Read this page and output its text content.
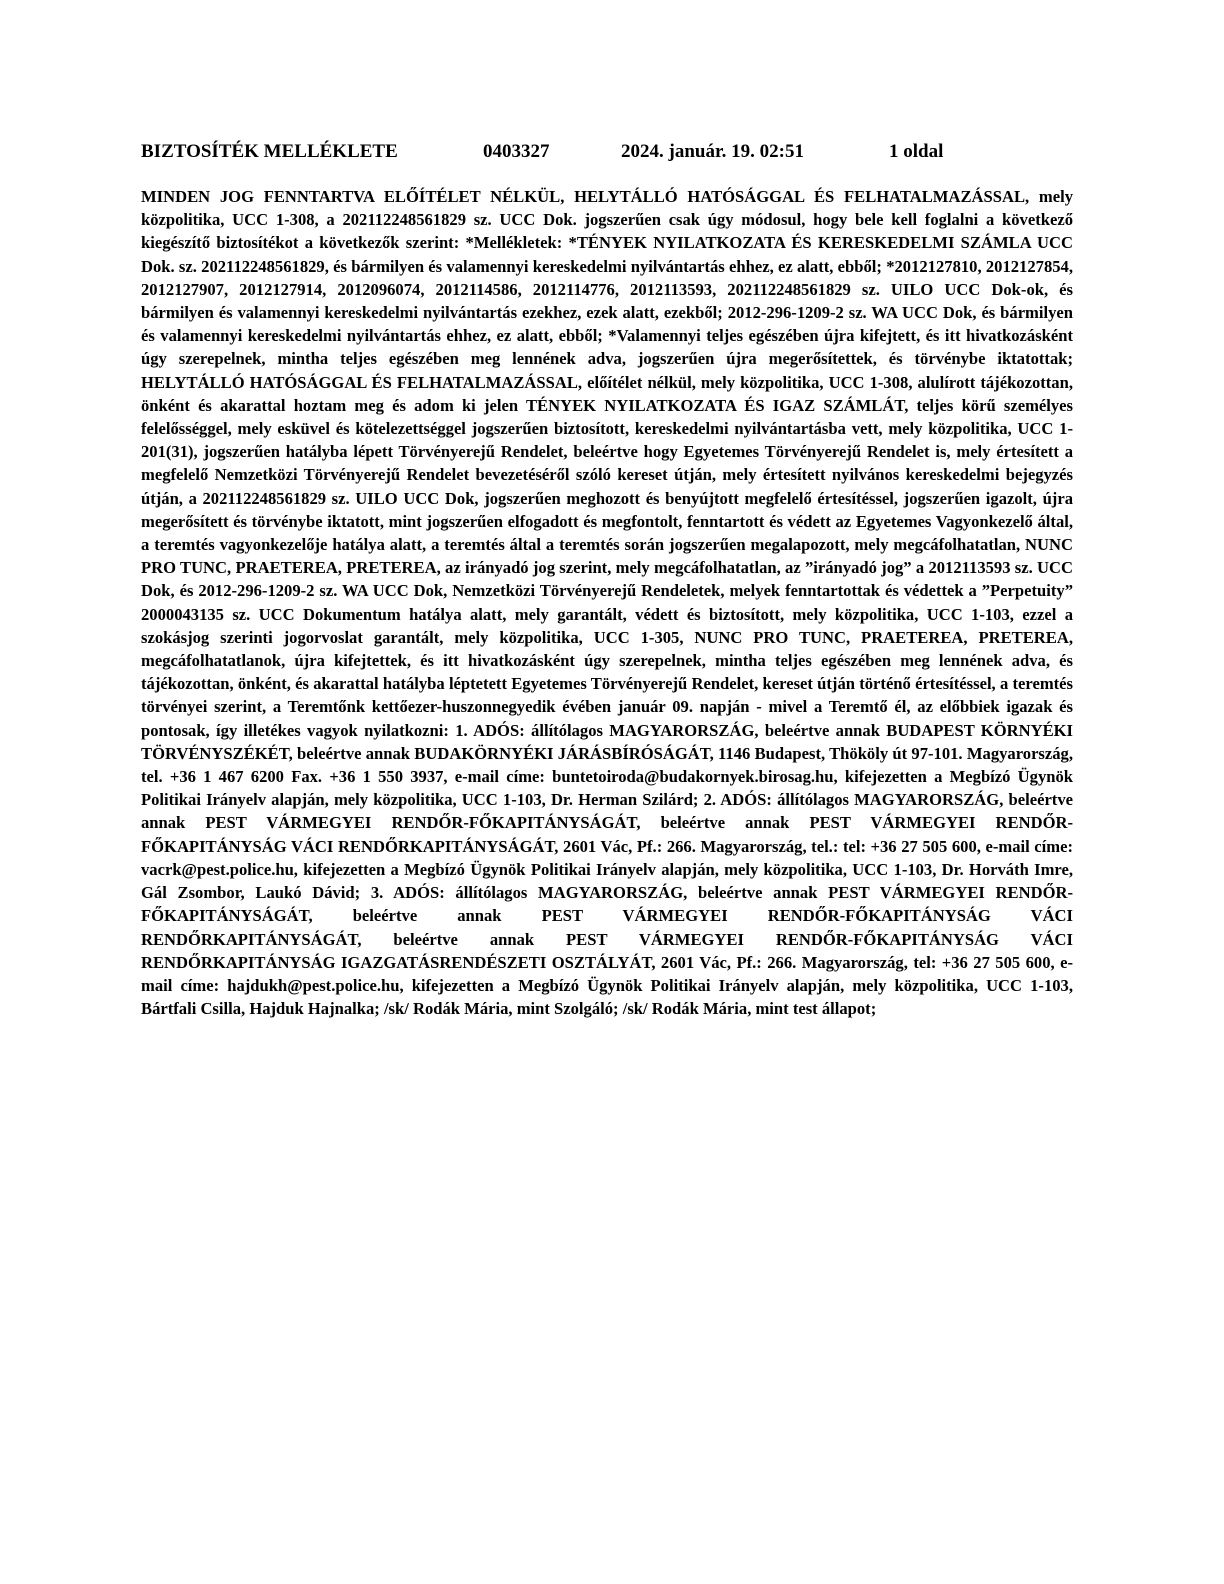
BIZTOSÍTÉK MELLÉKLETE	0403327	2024. január. 19. 02:51	1 oldal

MINDEN JOG FENNTARTVA ELŐÍTÉLET NÉLKÜL, HELYTÁLLÓ HATÓSÁGGAL ÉS FELHATALMAZÁSSAL, mely közpolitika, UCC 1-308, a 202112248561829 sz. UCC Dok. jogszerűen csak úgy módosul, hogy bele kell foglalni a következő kiegészítő biztosítékot a következők szerint: *Mellékletek: *TÉNYEK NYILATKOZATA ÉS KERESKEDELMI SZÁMLA UCC Dok. sz. 202112248561829, és bármilyen és valamennyi kereskedelmi nyilvántartás ehhez, ez alatt, ebből; *2012127810, 2012127854, 2012127907, 2012127914, 2012096074, 2012114586, 2012114776, 2012113593, 202112248561829 sz. UILO UCC Dok-ok, és bármilyen és valamennyi kereskedelmi nyilvántartás ezekhez, ezek alatt, ezekből; 2012-296-1209-2 sz. WA UCC Dok, és bármilyen és valamennyi kereskedelmi nyilvántartás ehhez, ez alatt, ebből; *Valamennyi teljes egészében újra kifejtett, és itt hivatkozásként úgy szerepelnek, mintha teljes egészében meg lennének adva, jogszerűen újra megerősítettek, és törvénybe iktatottak; HELYTÁLLÓ HATÓSÁGGAL ÉS FELHATALMAZÁSSAL, előítélet nélkül, mely közpolitika, UCC 1-308, alulírott tájékozottan, önként és akarattal hoztam meg és adom ki jelen TÉNYEK NYILATKOZATA ÉS IGAZ SZÁMLÁT, teljes körű személyes felelősséggel, mely esküvel és kötelezettséggel jogszerűen biztosított, kereskedelmi nyilvántartásba vett, mely közpolitika, UCC 1-201(31), jogszerűen hatályba lépett Törvényerejű Rendelet, beleértve hogy Egyetemes Törvényerejű Rendelet is, mely értesített a megfelelő Nemzetközi Törvényerejű Rendelet bevezetéséről szóló kereset útján, mely értesített nyilvános kereskedelmi bejegyzés útján, a 202112248561829 sz. UILO UCC Dok, jogszerűen meghozott és benyújtott megfelelő értesítéssel, jogszerűen igazolt, újra megerősített és törvénybe iktatott, mint jogszerűen elfogadott és megfontolt, fenntartott és védett az Egyetemes Vagyonkezelő által, a teremtés vagyonkezelője hatálya alatt, a teremtés által a teremtés során jogszerűen megalapozott, mely megcáfolhatatlan, NUNC PRO TUNC, PRAETEREA, PRETEREA, az irányadó jog szerint, mely megcáfolhatatlan, az ”irányadó jog” a 2012113593 sz. UCC Dok, és 2012-296-1209-2 sz. WA UCC Dok, Nemzetközi Törvényerejű Rendeletek, melyek fenntartottak és védettek a ”Perpetuity” 2000043135 sz. UCC Dokumentum hatálya alatt, mely garantált, védett és biztosított, mely közpolitika, UCC 1-103, ezzel a szokásjog szerinti jogorvoslat garantált, mely közpolitika, UCC 1-305, NUNC PRO TUNC, PRAETEREA, PRETEREA, megcáfolhatatlanok, újra kifejtettek, és itt hivatkozásként úgy szerepelnek, mintha teljes egészében meg lennének adva, és tájékozottan, önként, és akarattal hatályba léptetett Egyetemes Törvényerejű Rendelet, kereset útján történő értesítéssel, a teremtés törvényei szerint, a Teremtőnk kettőezer-huszonnegyedik évében január 09. napján - mivel a Teremtő él, az előbbiek igazak és pontosak, így illetékes vagyok nyilatkozni: 1. ADÓS: állítólagos MAGYARORSZÁG, beleértve annak BUDAPEST KÖRNYÉKI TÖRVÉNYSZÉKÉT, beleértve annak BUDAKÖRNYÉKI JÁRÁSBÍRÓSÁGÁT, 1146 Budapest, Thököly út 97-101. Magyarország, tel. +36 1 467 6200 Fax. +36 1 550 3937, e-mail címe: buntetoiroda@budakornyek.birosag.hu, kifejezetten a Megbízó Ügynök Politikai Irányelv alapján, mely közpolitika, UCC 1-103, Dr. Herman Szilárd; 2. ADÓS: állítólagos MAGYARORSZÁG, beleértve annak PEST VÁRMEGYEI RENDŐR-FŐKAPITÁNYSÁGÁT, beleértve annak PEST VÁRMEGYEI RENDŐR-FŐKAPITÁNYSÁG VÁCI RENDŐRKAPITÁNYSÁGÁT, 2601 Vác, Pf.: 266. Magyarország, tel.: tel: +36 27 505 600, e-mail címe: vacrk@pest.police.hu, kifejezetten a Megbízó Ügynök Politikai Irányelv alapján, mely közpolitika, UCC 1-103, Dr. Horváth Imre, Gál Zsombor, Laukó Dávid; 3. ADÓS: állítólagos MAGYARORSZÁG, beleértve annak PEST VÁRMEGYEI RENDŐR-FŐKAPITÁNYSÁGÁT, beleértve annak PEST VÁRMEGYEI RENDŐR-FŐKAPITÁNYSÁG VÁCI RENDŐRKAPITÁNYSÁGÁT, beleértve annak PEST VÁRMEGYEI RENDŐR-FŐKAPITÁNYSÁG VÁCI RENDŐRKAPITÁNYSÁG IGAZGATÁSRENDÉSZETI OSZTÁLYÁT, 2601 Vác, Pf.: 266. Magyarország, tel: +36 27 505 600, e-mail címe: hajdukh@pest.police.hu, kifejezetten a Megbízó Ügynök Politikai Irányelv alapján, mely közpolitika, UCC 1-103, Bártfali Csilla, Hajduk Hajnalka; /sk/ Rodák Mária, mint Szolgáló; /sk/ Rodák Mária, mint test állapot;
